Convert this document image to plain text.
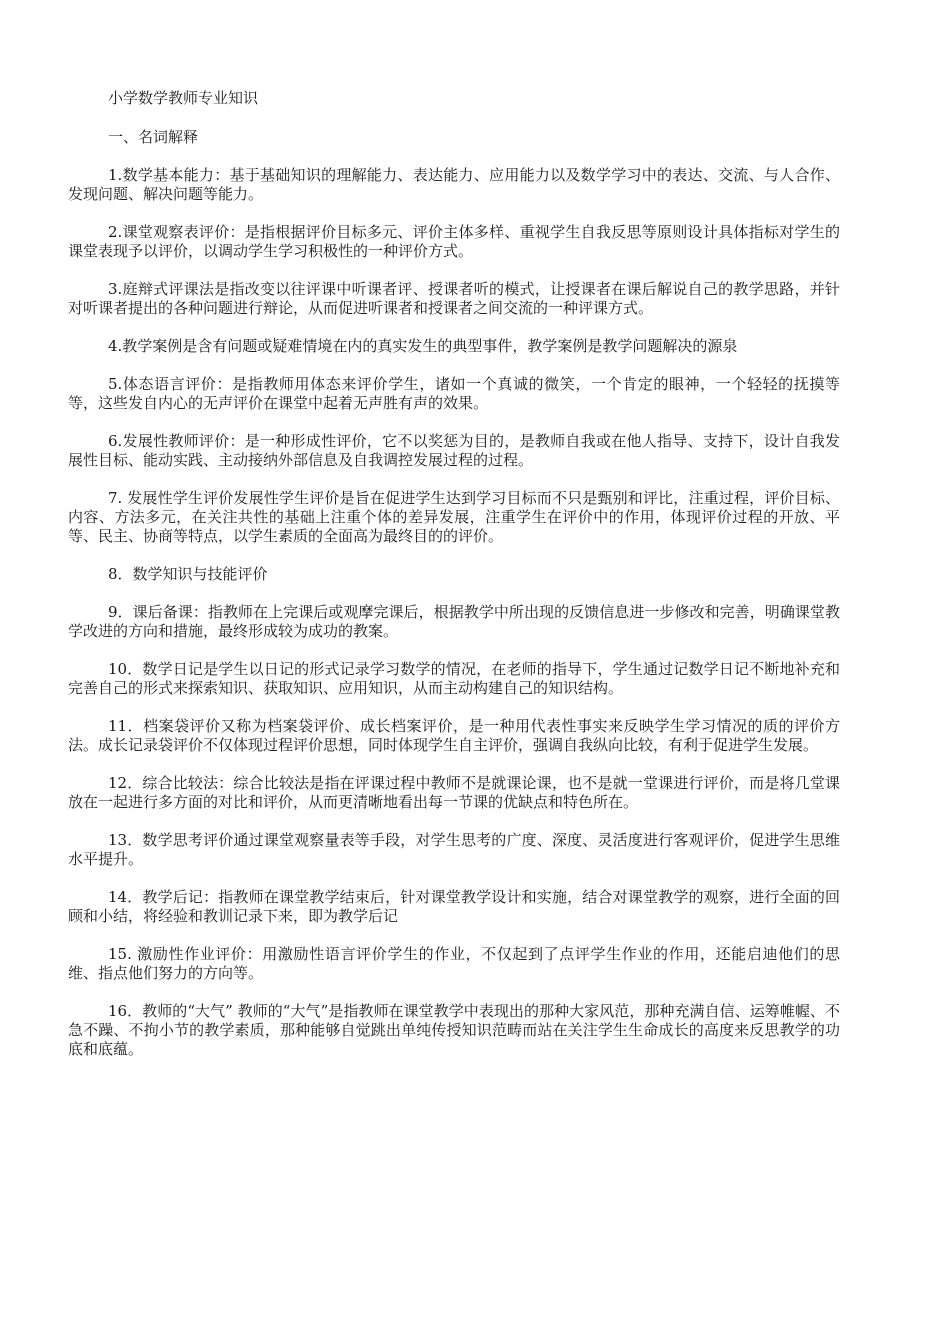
小学数学教师专业知识
一、名词解释

1.数学基本能力：基于基础知识的理解能力、表达能力、应用能力以及数学学习中的表达、交流、与人合作、发现问题、解决问题等能力。

2.课堂观察表评价：是指根据评价目标多元、评价主体多样、重视学生自我反思等原则设计具体指标对学生的课堂表现予以评价，以调动学生学习积极性的一种评价方式。

3.庭辩式评课法是指改变以往评课中听课者评、授课者听的模式，让授课者在课后解说自己的教学思路，并针对听课者提出的各种问题进行辩论，从而促进听课者和授课者之间交流的一种评课方式。

4.教学案例是含有问题或疑难情境在内的真实发生的典型事件，教学案例是教学问题解决的源泉

5.体态语言评价：是指教师用体态来评价学生，诸如一个真诚的微笑，一个肯定的眼神，一个轻轻的抚摸等等，这些发自内心的无声评价在课堂中起着无声胜有声的效果。

6.发展性教师评价：是一种形成性评价，它不以奖惩为目的，是教师自我或在他人指导、支持下，设计自我发展性目标、能动实践、主动接纳外部信息及自我调控发展过程的过程。

7. 发展性学生评价发展性学生评价是旨在促进学生达到学习目标而不只是甄别和评比，注重过程，评价目标、内容、方法多元，在关注共性的基础上注重个体的差异发展，注重学生在评价中的作用，体现评价过程的开放、平等、民主、协商等特点，以学生素质的全面高为最终目的的评价。

8．数学知识与技能评价

9．课后备课：指教师在上完课后或观摩完课后，根据教学中所出现的反馈信息进一步修改和完善，明确课堂教学改进的方向和措施，最终形成较为成功的教案。

10．数学日记是学生以日记的形式记录学习数学的情况，在老师的指导下，学生通过记数学日记不断地补充和完善自己的形式来探索知识、获取知识、应用知识，从而主动构建自己的知识结构。

11．档案袋评价又称为档案袋评价、成长档案评价，是一种用代表性事实来反映学生学习情况的质的评价方法。成长记录袋评价不仅体现过程评价思想，同时体现学生自主评价，强调自我纵向比较，有利于促进学生发展。

12．综合比较法：综合比较法是指在评课过程中教师不是就课论课，也不是就一堂课进行评价，而是将几堂课放在一起进行多方面的对比和评价，从而更清晰地看出每一节课的优缺点和特色所在。

13．数学思考评价通过课堂观察量表等手段，对学生思考的广度、深度、灵活度进行客观评价，促进学生思维水平提升。

14．教学后记：指教师在课堂教学结束后，针对课堂教学设计和实施，结合对课堂教学的观察，进行全面的回顾和小结，将经验和教训记录下来，即为教学后记

15. 激励性作业评价：用激励性语言评价学生的作业，不仅起到了点评学生作业的作用，还能启迪他们的思维、指点他们努力的方向等。

16．教师的“大气” 教师的“大气”是指教师在课堂教学中表现出的那种大家风范，那种充满自信、运筹帷幄、不急不躁、不拘小节的教学素质，那种能够自觉跳出单纯传授知识范畴而站在关注学生生命成长的高度来反思教学的功底和底蕴。
